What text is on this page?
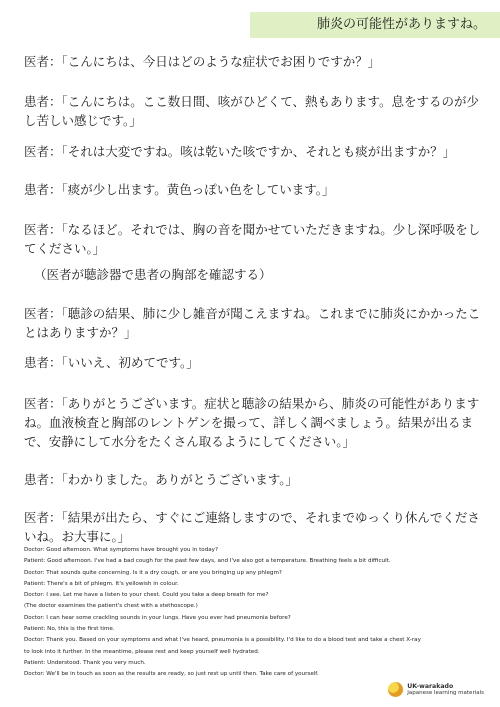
肺炎の可能性がありますね。

医者：「こんにちは、今日はどのような症状でお困りですか？」

患者：「こんにちは。ここ数日間、咳がひどくて、熱もあります。息をするのが少し苦しい感じです。」

医者：「それは大変ですね。咳は乾いた咳ですか、それとも痰が出ますか？」

患者：「痰が少し出ます。黄色っぽい色をしています。」

医者：「なるほど。それでは、胸の音を聞かせていただきますね。少し深呼吸をしてください。」

（医者が聴診器で患者の胸部を確認する）

医者：「聴診の結果、肺に少し雑音が聞こえますね。これまでに肺炎にかかったことはありますか？」

患者：「いいえ、初めてです。」

医者：「ありがとうございます。症状と聴診の結果から、肺炎の可能性がありますね。血液検査と胸部のレントゲンを撮って、詳しく調べましょう。結果が出るまで、安静にして水分をたくさん取るようにしてください。」

患者：「わかりました。ありがとうございます。」

医者：「結果が出たら、すぐにご連絡しますので、それまでゆっくり休んでくださいね。お大事に。」

Doctor: Good afternoon. What symptoms have brought you in today?

Patient: Good afternoon. I've had a bad cough for the past few days, and I've also got a temperature. Breathing feels a bit difficult.

Doctor: That sounds quite concerning. Is it a dry cough, or are you bringing up any phlegm?

Patient: There's a bit of phlegm. It's yellowish in colour.

Doctor: I see. Let me have a listen to your chest. Could you take a deep breath for me?

(The doctor examines the patient's chest with a stethoscope.)

Doctor: I can hear some crackling sounds in your lungs. Have you ever had pneumonia before?

Patient: No, this is the first time.

Doctor: Thank you. Based on your symptoms and what I've heard, pneumonia is a possibility. I'd like to do a blood test and take a chest X-ray

to look into it further. In the meantime, please rest and keep yourself well hydrated.

Patient: Understood. Thank you very much.

Doctor: We'll be in touch as soon as the results are ready, so just rest up until then. Take care of yourself.

UK-warakado
Japanese learning materials
